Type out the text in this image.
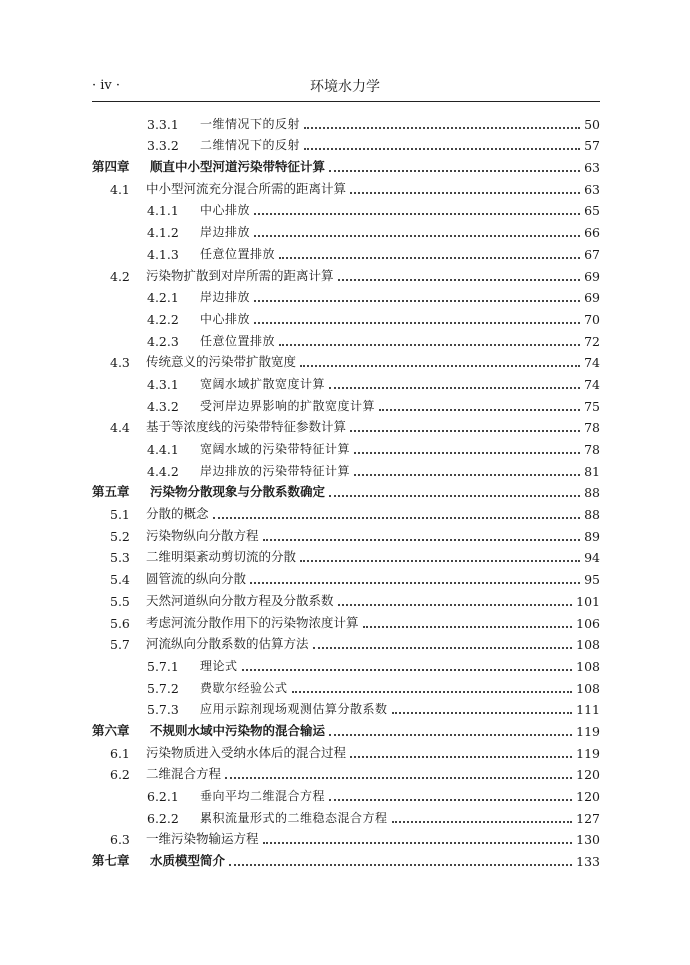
· iv ·	环境水力学
3.3.1 一维情况下的反射	50
3.3.2 二维情况下的反射	57
第四章 顺直中小型河道污染带特征计算	63
4.1 中小型河流充分混合所需的距离计算	63
4.1.1 中心排放	65
4.1.2 岸边排放	66
4.1.3 任意位置排放	67
4.2 污染物扩散到对岸所需的距离计算	69
4.2.1 岸边排放	69
4.2.2 中心排放	70
4.2.3 任意位置排放	72
4.3 传统意义的污染带扩散宽度	74
4.3.1 宽阔水域扩散宽度计算	74
4.3.2 受河岸边界影响的扩散宽度计算	75
4.4 基于等浓度线的污染带特征参数计算	78
4.4.1 宽阔水域的污染带特征计算	78
4.4.2 岸边排放的污染带特征计算	81
第五章 污染物分散现象与分散系数确定	88
5.1 分散的概念	88
5.2 污染物纵向分散方程	89
5.3 二维明渠紊动剪切流的分散	94
5.4 圆管流的纵向分散	95
5.5 天然河道纵向分散方程及分散系数	101
5.6 考虑河流分散作用下的污染物浓度计算	106
5.7 河流纵向分散系数的估算方法	108
5.7.1 理论式	108
5.7.2 费歇尔经验公式	108
5.7.3 应用示踪剂现场观测估算分散系数	111
第六章 不规则水域中污染物的混合输运	119
6.1 污染物质进入受纳水体后的混合过程	119
6.2 二维混合方程	120
6.2.1 垂向平均二维混合方程	120
6.2.2 累积流量形式的二维稳态混合方程	127
6.3 一维污染物输运方程	130
第七章 水质模型简介	133
